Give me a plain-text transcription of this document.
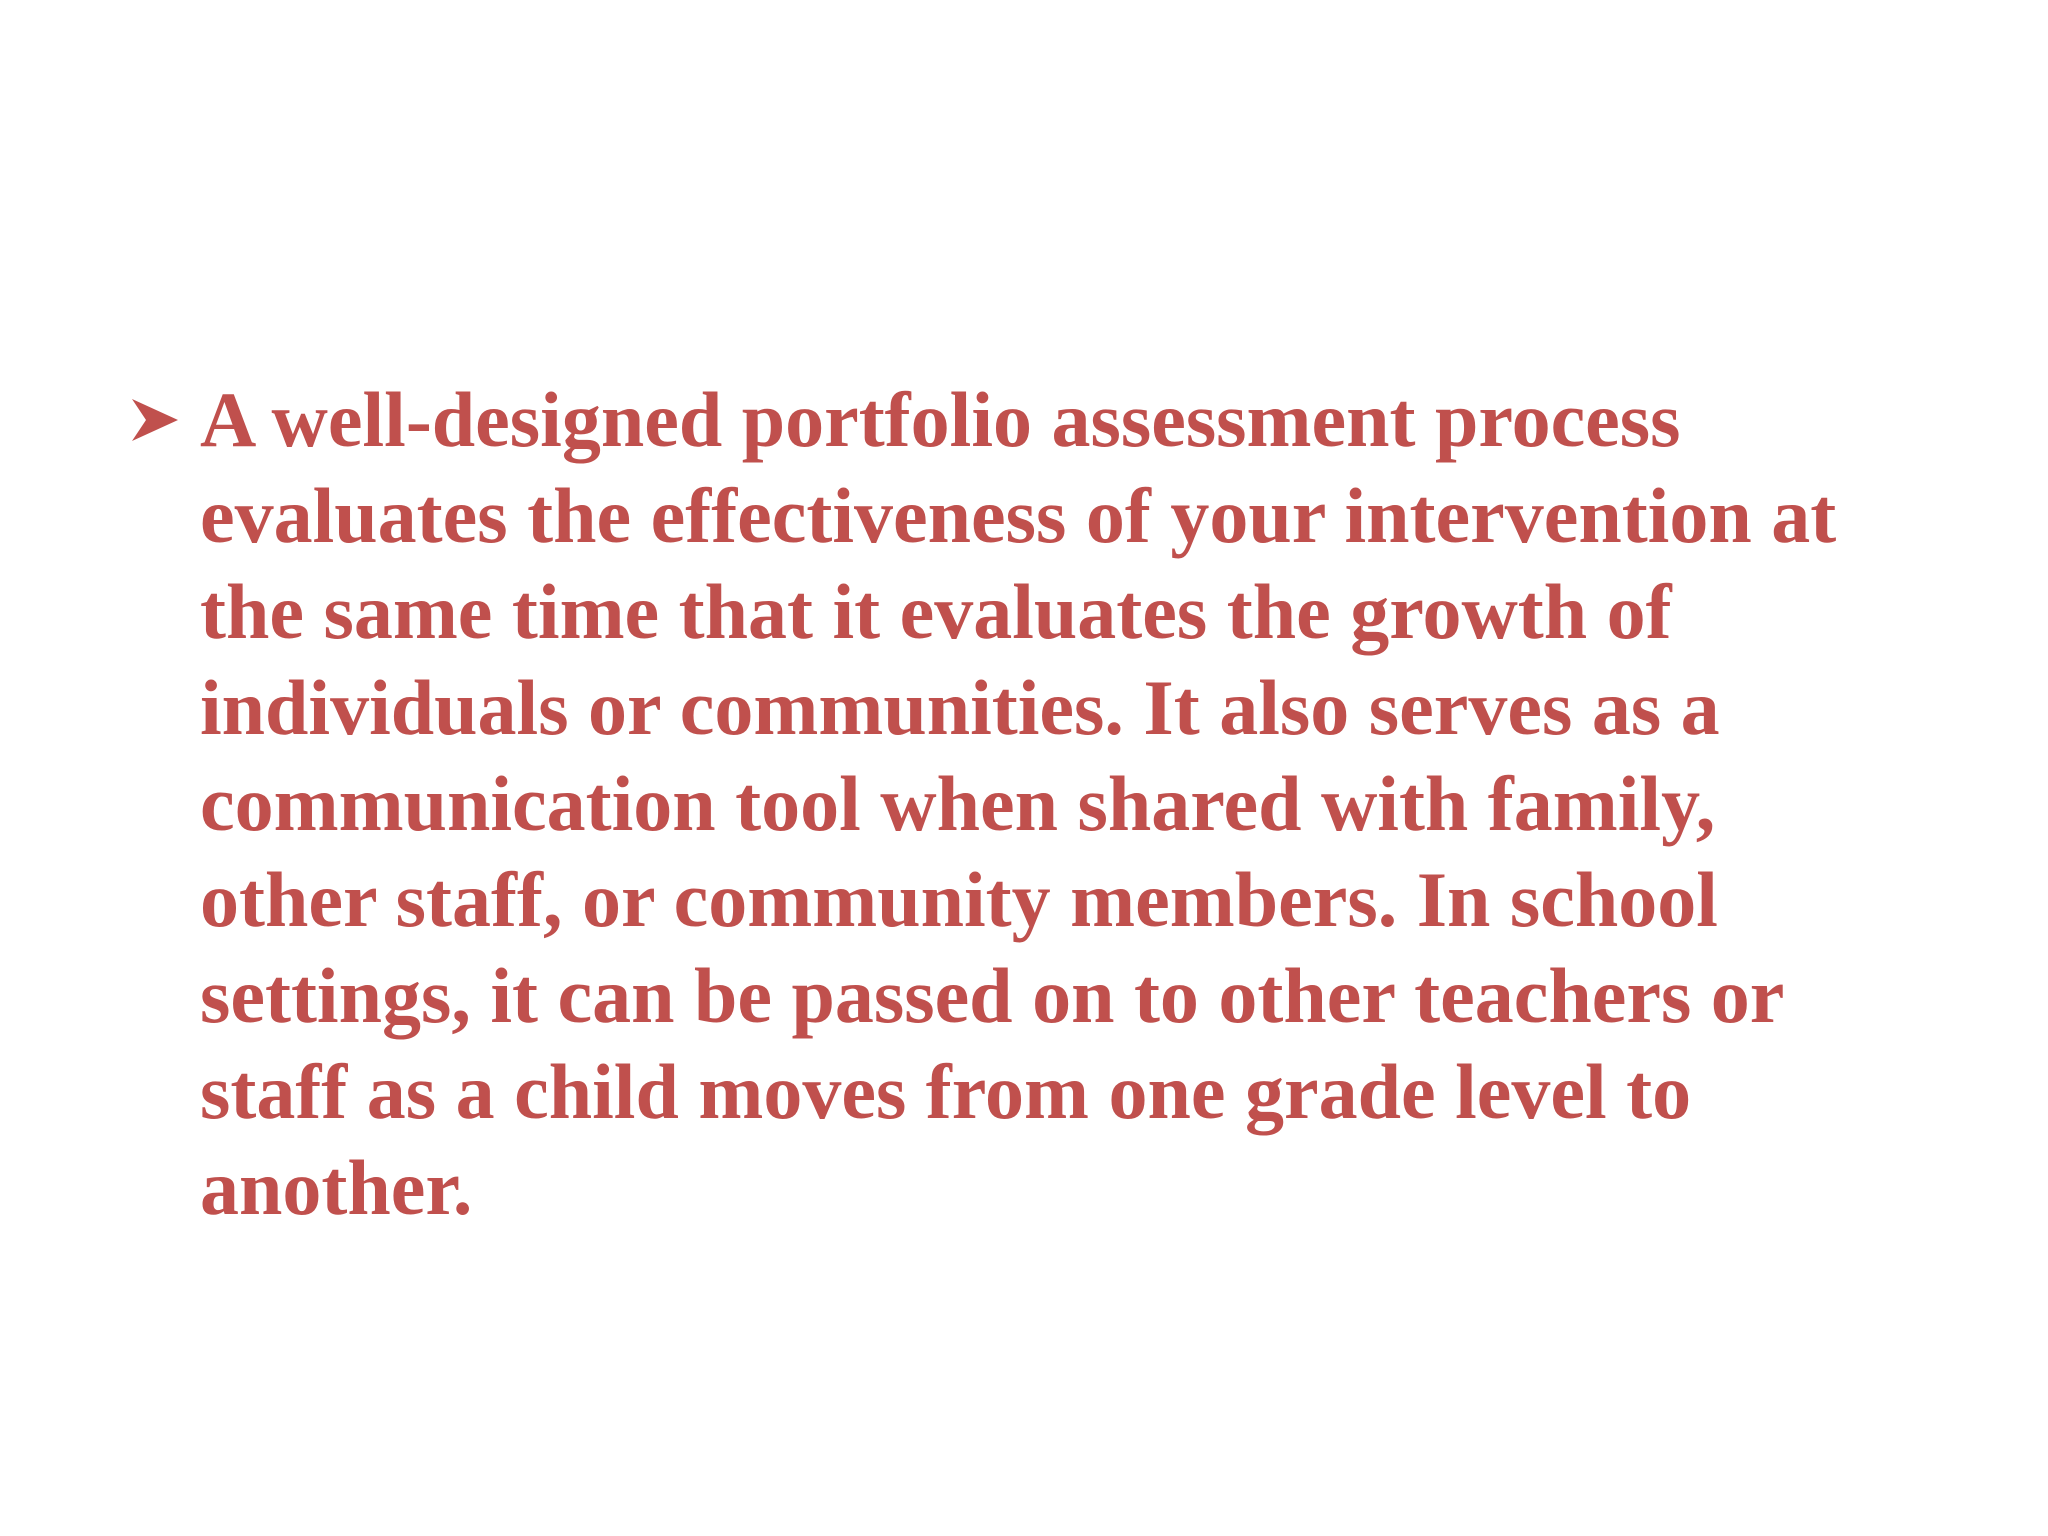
A well-designed portfolio assessment process
evaluates the effectiveness of your intervention at
the same time that it evaluates the growth of
individuals or communities. It also serves as a
communication tool when shared with family,
other staff, or community members. In school
settings, it can be passed on to other teachers or
staff as a child moves from one grade level to
another.
